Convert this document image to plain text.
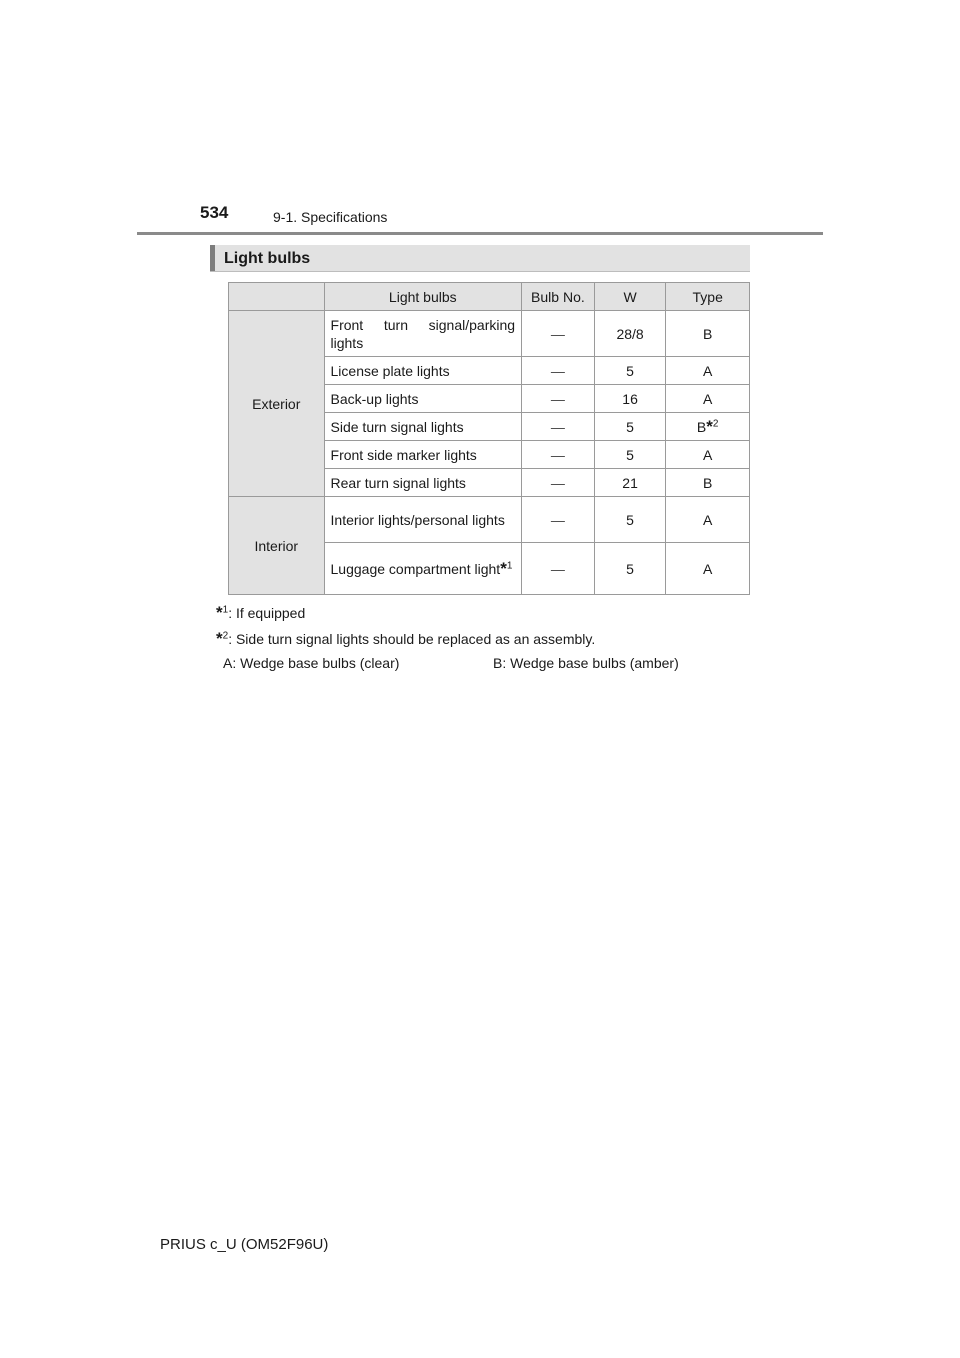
534	9-1. Specifications
Light bulbs
	Light bulbs	Bulb No.	W	Type
Exterior	Front turn signal/parking lights	—	28/8	B
	License plate lights	—	5	A
	Back-up lights	—	16	A
	Side turn signal lights	—	5	B*$^2$
	Front side marker lights	—	5	A
	Rear turn signal lights	—	21	B
Interior	Interior lights/personal lights	—	5	A
	Luggage compartment light*$^1$	—	5	A
*$^1$: If equipped
*$^2$: Side turn signal lights should be replaced as an assembly.
A: Wedge base bulbs (clear)	B: Wedge base bulbs (amber)
PRIUS c_U (OM52F96U)
